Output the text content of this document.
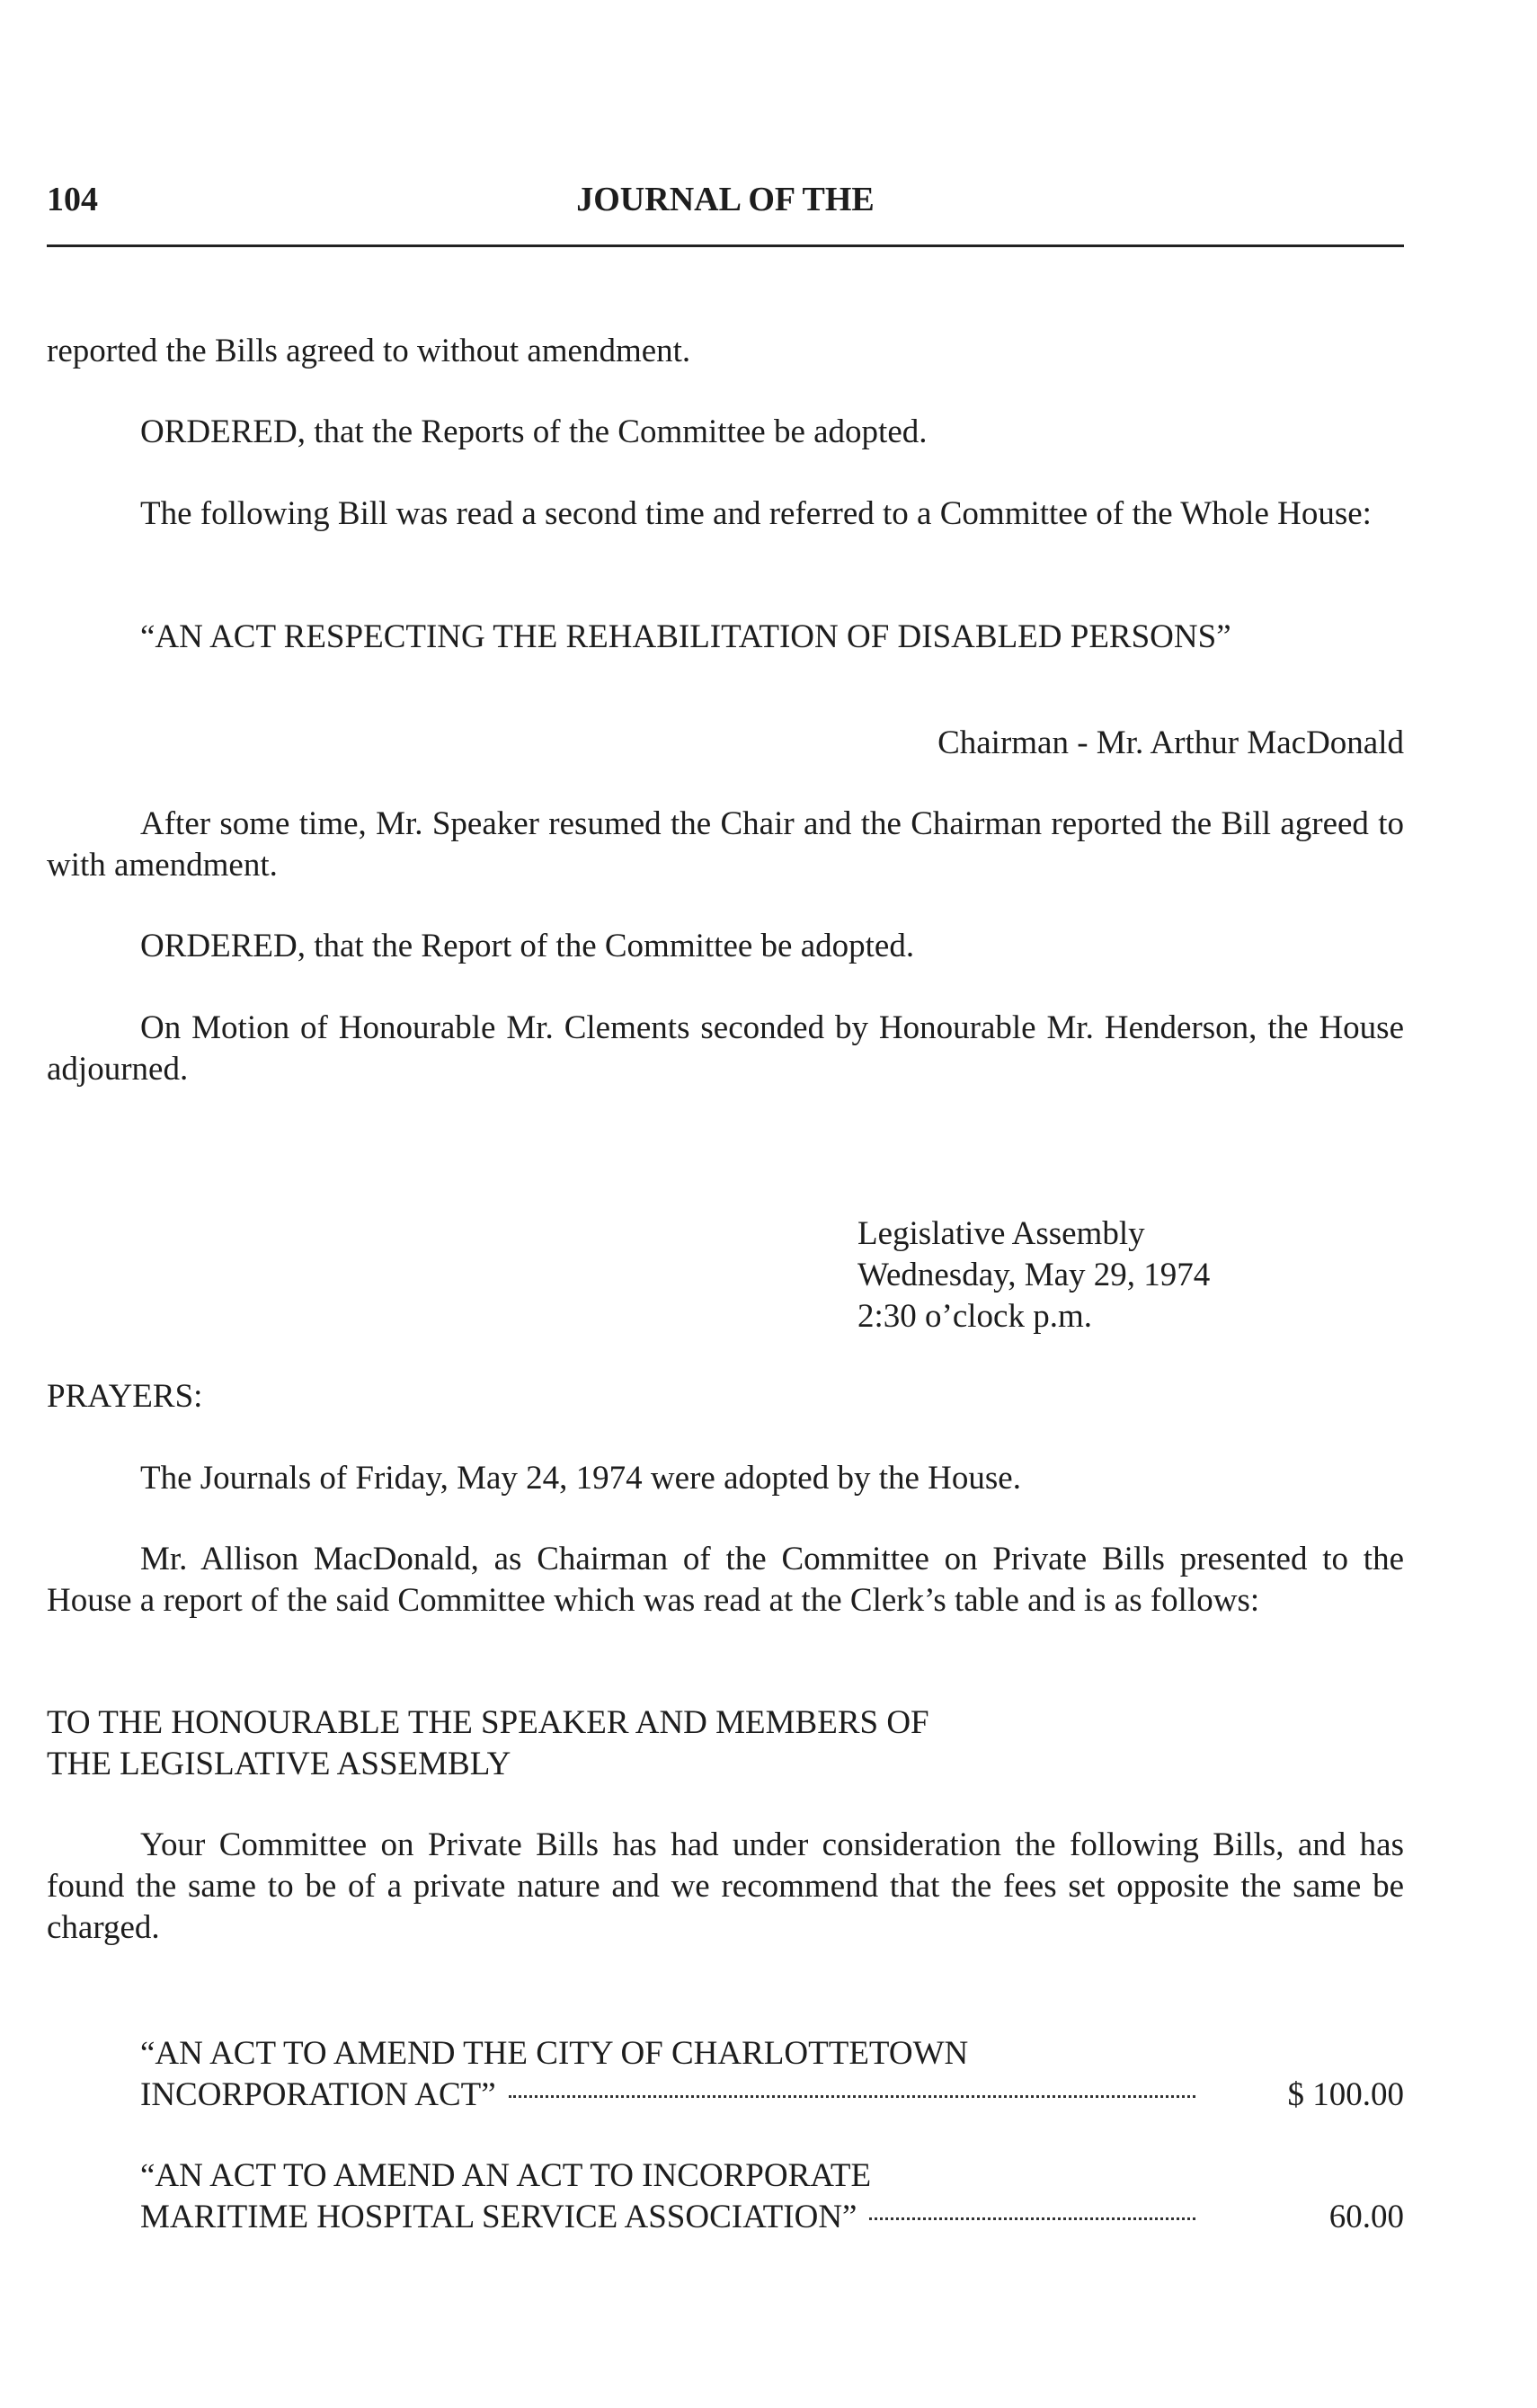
104	JOURNAL OF THE
reported the Bills agreed to without amendment.
ORDERED, that the Reports of the Committee be adopted.
The following Bill was read a second time and referred to a Committee of the Whole House:
“AN ACT RESPECTING THE REHABILITATION OF DISABLED PERSONS”
Chairman - Mr. Arthur MacDonald
After some time, Mr. Speaker resumed the Chair and the Chairman reported the Bill agreed to with amendment.
ORDERED, that the Report of the Committee be adopted.
On Motion of Honourable Mr. Clements seconded by Honourable Mr. Henderson, the House adjourned.
Legislative Assembly
Wednesday, May 29, 1974
2:30 o’clock p.m.
PRAYERS:
The Journals of Friday, May 24, 1974 were adopted by the House.
Mr. Allison MacDonald, as Chairman of the Committee on Private Bills presented to the House a report of the said Committee which was read at the Clerk’s table and is as follows:
TO THE HONOURABLE THE SPEAKER AND MEMBERS OF
THE LEGISLATIVE ASSEMBLY
Your Committee on Private Bills has had under consideration the following Bills, and has found the same to be of a private nature and we recommend that the fees set opposite the same be charged.
“AN ACT TO AMEND THE CITY OF CHARLOTTETOWN
INCORPORATION ACT”	$ 100.00
“AN ACT TO AMEND AN ACT TO INCORPORATE
MARITIME HOSPITAL SERVICE ASSOCIATION”	60.00
